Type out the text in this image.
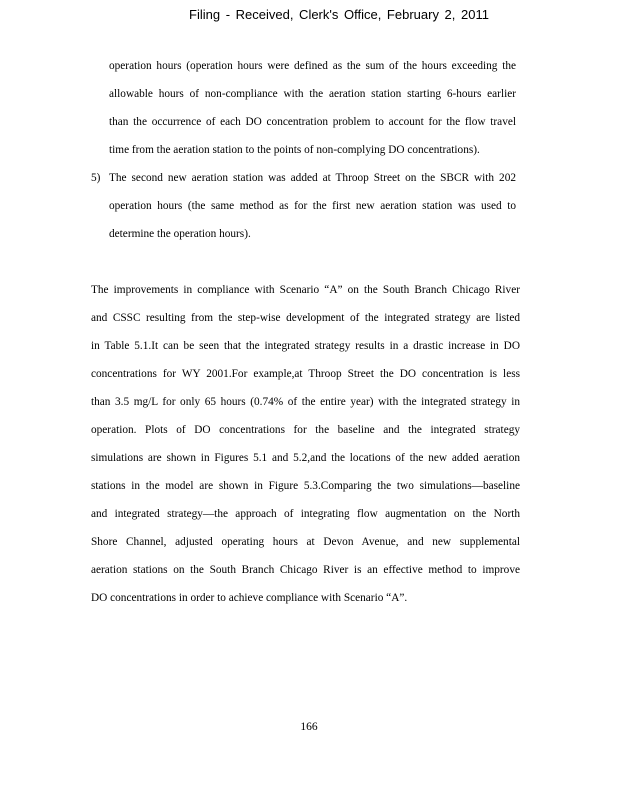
Filing - Received, Clerk's Office, February 2, 2011
operation hours (operation hours were defined as the sum of the hours exceeding the
allowable hours of non-compliance with the aeration station starting 6-hours earlier
than the occurrence of each DO concentration problem to account for the flow travel
time from the aeration station to the points of non-complying DO concentrations).
5) The second new aeration station was added at Throop Street on the SBCR with 202
operation hours (the same method as for the first new aeration station was used to
determine the operation hours).
The improvements in compliance with Scenario “A” on the South Branch Chicago River
and CSSC resulting from the step-wise development of the integrated strategy are listed
in Table 5.1.It can be seen that the integrated strategy results in a drastic increase in DO
concentrations for WY 2001.For example,at Throop Street the DO concentration is less
than 3.5 mg/L for only 65 hours (0.74% of the entire year) with the integrated strategy in
operation. Plots of DO concentrations for the baseline and the integrated strategy
simulations are shown in Figures 5.1 and 5.2,and the locations of the new added aeration
stations in the model are shown in Figure 5.3.Comparing the two simulations—baseline
and integrated strategy—the approach of integrating flow augmentation on the North
Shore Channel, adjusted operating hours at Devon Avenue, and new supplemental
aeration stations on the South Branch Chicago River is an effective method to improve
DO concentrations in order to achieve compliance with Scenario “A”.
166
